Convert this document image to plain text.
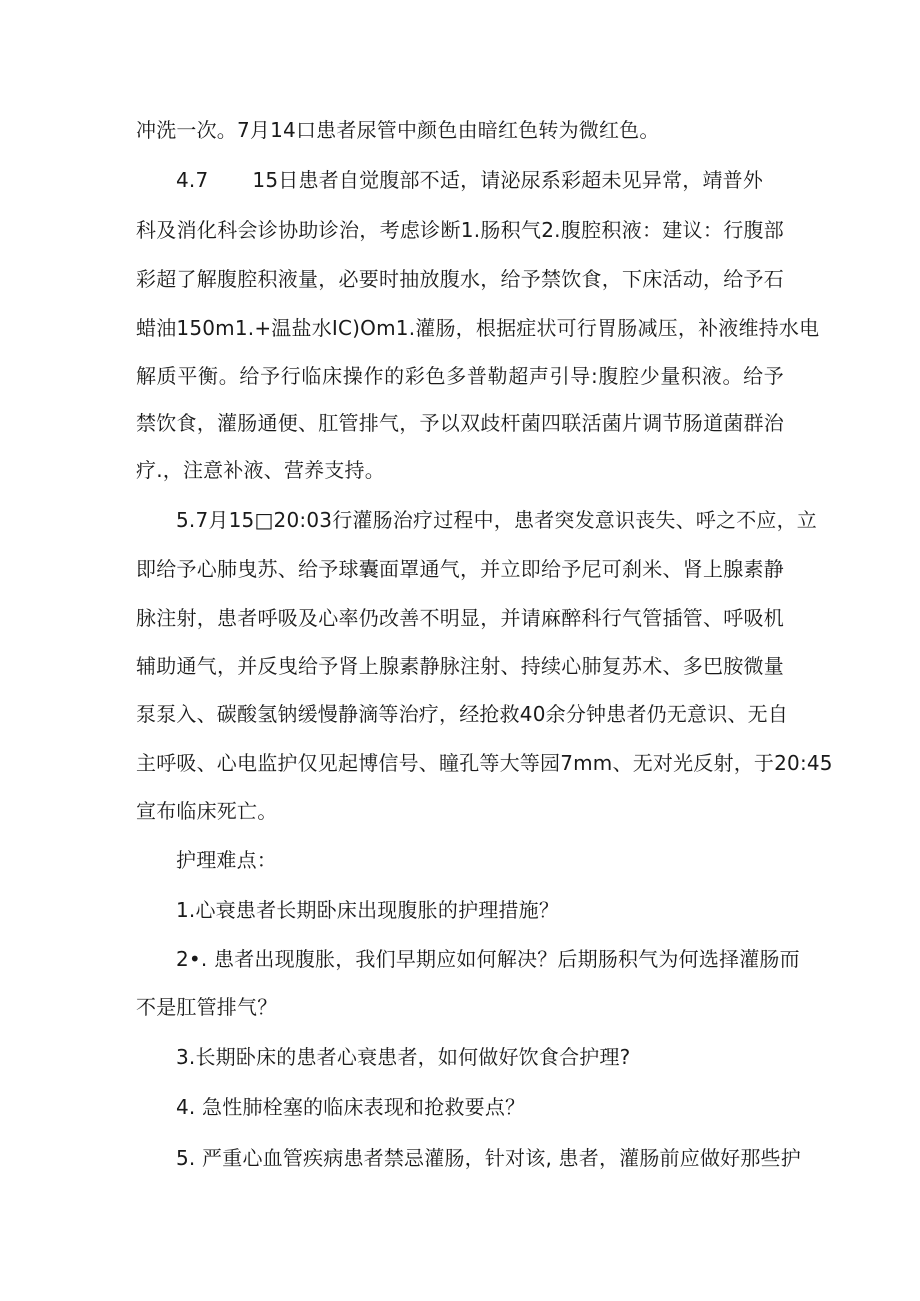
冲洗一次。7月14口患者尿管中颜色由暗红色转为微红色。
4.7 15日患者自觉腹部不适，请泌尿系彩超未见异常，靖普外
科及消化科会诊协助诊治，考虑诊断1.肠积气2.腹腔积液：建议：行腹部
彩超了解腹腔积液量，必要时抽放腹水，给予禁饮食，下床活动，给予石
蜡油150m1.+温盐水IC)Om1.灌肠，根据症状可行胃肠减压，补液维持水电
解质平衡。给予行临床操作的彩色多普勒超声引导:腹腔少量积液。给予
禁饮食，灌肠通便、肛管排气，予以双歧杆菌四联活菌片调节肠道菌群治
疗.，注意补液、营养支持。
5.7月15□20:03行灌肠治疗过程中，患者突发意识丧失、呼之不应，立
即给予心肺曳苏、给予球囊面罩通气，并立即给予尼可刹米、肾上腺素静
脉注射，患者呼吸及心率仍改善不明显，并请麻醉科行气管插管、呼吸机
辅助通气，并反曳给予肾上腺素静脉注射、持续心肺复苏术、多巴胺微量
泵泵入、碳酸氢钠缓慢静滴等治疗，经抢救40余分钟患者仍无意识、无自
主呼吸、心电监护仅见起博信号、瞳孔等大等园7mm、无对光反射，于20:45
宣布临床死亡。
护理难点：
1.心衰患者长期卧床出现腹胀的护理措施？
2•. 患者出现腹胀，我们早期应如何解决？后期肠积气为何选择灌肠而
不是肛管排气？
3.长期卧床的患者心衰患者，如何做好饮食合护理?
4. 急性肺栓塞的临床表现和抢救要点？
5. 严重心血管疾病患者禁忌灌肠，针对该, 患者，灌肠前应做好那些护
